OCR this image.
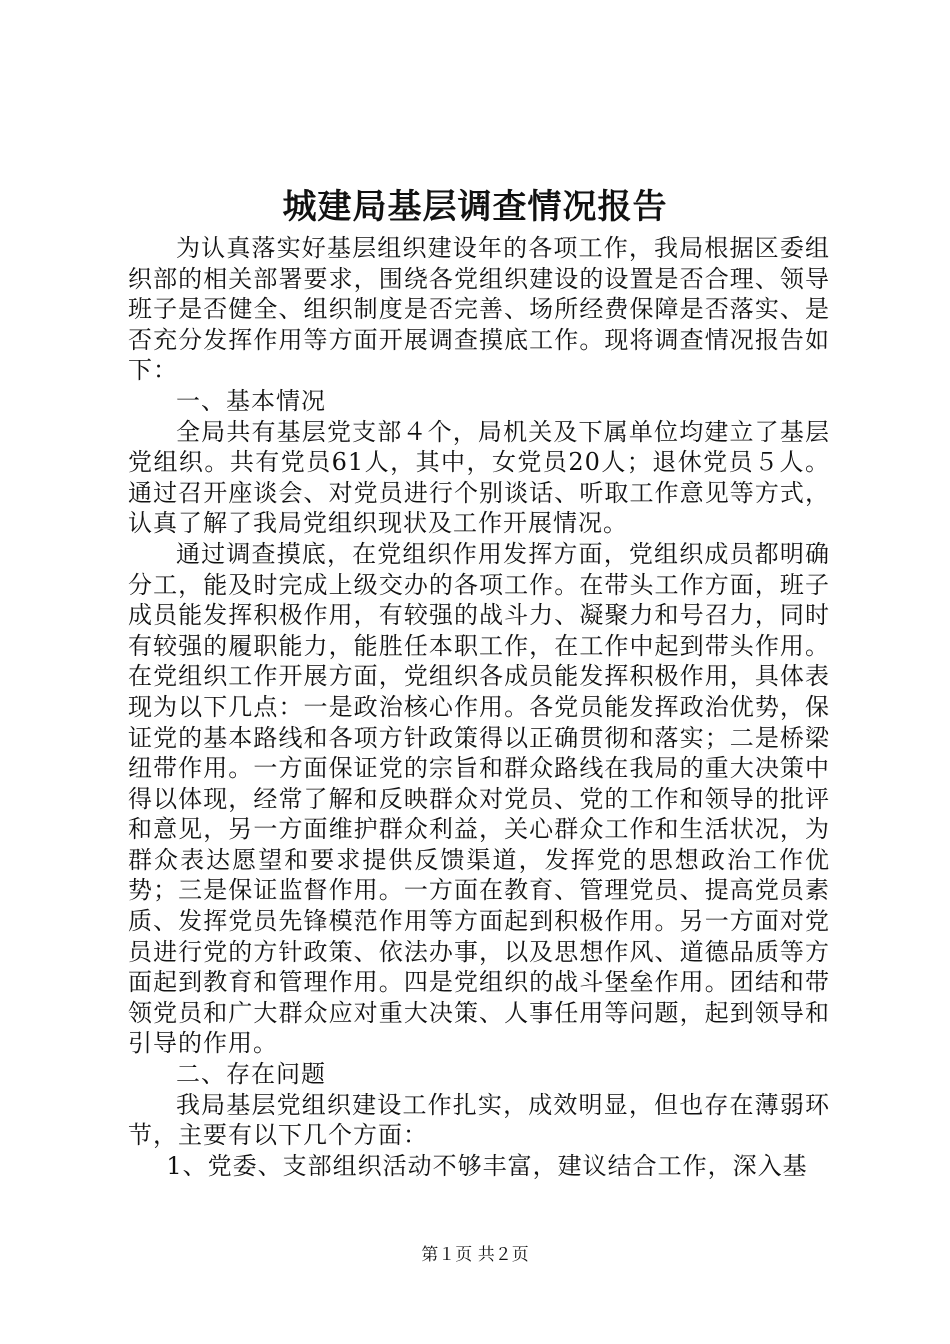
城建局基层调查情况报告

为认真落实好基层组织建设年的各项工作，我局根据区委组织部的相关部署要求，围绕各党组织建设的设置是否合理、领导班子是否健全、组织制度是否完善、场所经费保障是否落实、是否充分发挥作用等方面开展调查摸底工作。现将调查情况报告如下：

一、基本情况

全局共有基层党支部４个，局机关及下属单位均建立了基层党组织。共有党员61人，其中，女党员20人；退休党员５人。通过召开座谈会、对党员进行个别谈话、听取工作意见等方式，认真了解了我局党组织现状及工作开展情况。

通过调查摸底，在党组织作用发挥方面，党组织成员都明确分工，能及时完成上级交办的各项工作。在带头工作方面，班子成员能发挥积极作用，有较强的战斗力、凝聚力和号召力，同时有较强的履职能力，能胜任本职工作，在工作中起到带头作用。在党组织工作开展方面，党组织各成员能发挥积极作用，具体表现为以下几点：一是政治核心作用。各党员能发挥政治优势，保证党的基本路线和各项方针政策得以正确贯彻和落实；二是桥梁纽带作用。一方面保证党的宗旨和群众路线在我局的重大决策中得以体现，经常了解和反映群众对党员、党的工作和领导的批评和意见，另一方面维护群众利益，关心群众工作和生活状况，为群众表达愿望和要求提供反馈渠道，发挥党的思想政治工作优势；三是保证监督作用。一方面在教育、管理党员、提高党员素质、发挥党员先锋模范作用等方面起到积极作用。另一方面对党员进行党的方针政策、依法办事，以及思想作风、道德品质等方面起到教育和管理作用。四是党组织的战斗堡垒作用。团结和带领党员和广大群众应对重大决策、人事任用等问题，起到领导和引导的作用。

二、存在问题

我局基层党组织建设工作扎实，成效明显，但也存在薄弱环节，主要有以下几个方面：

1、党委、支部组织活动不够丰富，建议结合工作，深入基

第１页 共２页
